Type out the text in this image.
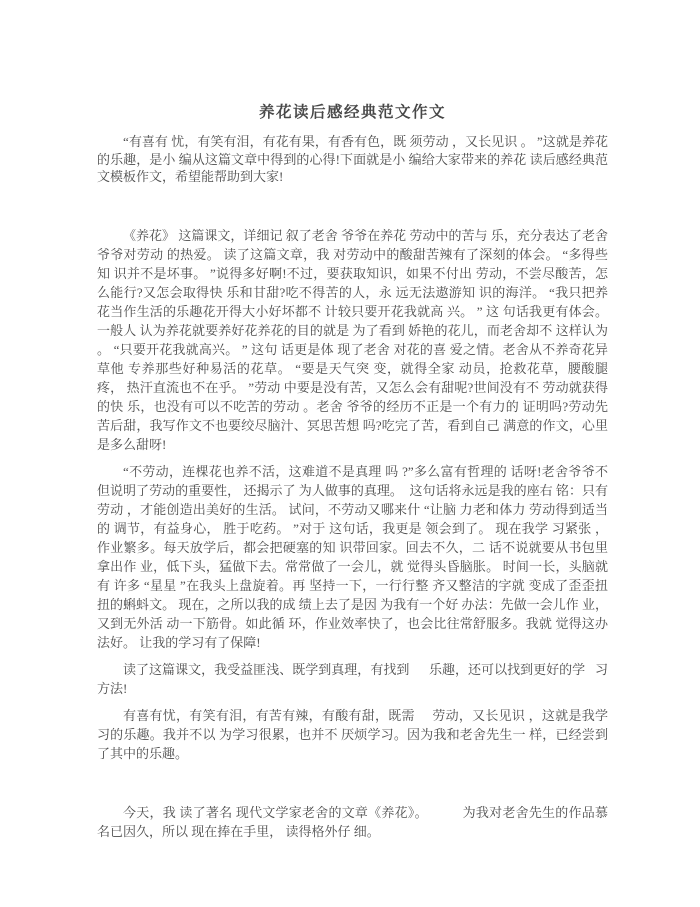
养花读后感经典范文作文

“有喜有 忧，有笑有泪，有花有果，有香有色，既 须劳动 ，又长见识 。 ”这就是养花的乐趣，是小 编从这篇文章中得到的心得!下面就是小 编给大家带来的养花 读后感经典范文模板作文，希望能帮助到大家!

《养花》 这篇课文，详细记 叙了老舍 爷爷在养花 劳动中的苦与 乐，充分表达了老舍 爷爷对劳动 的热爱。 读了这篇文章，我 对劳动中的酸甜苦辣有了深刻的体会。 “多得些知 识并不是坏事。 ”说得多好啊!不过，要获取知识，如果不付出 劳动，不尝尽酸苦，怎么能行?又怎会取得快 乐和甘甜?吃不得苦的人，永 远无法遨游知 识的海洋。 “我只把养花当作生活的乐趣花开得大小好坏都不 计较只要开花我就高 兴。 ” 这 句话我更有体会。一般人 认为养花就要养好花养花的目的就是 为了看到 娇艳的花儿，而老舍却不 这样认为 。 “只要开花我就高兴。 ” 这句 话更是体 现了老舍 对花的喜 爱之情。老舍从不养奇花异草他 专养那些好种易活的花草。 “要是天气突 变，就得全家 动员，抢救花草，腰酸腿疼， 热汗直流也不在乎。 ”劳动 中要是没有苦，又怎么会有甜呢?世间没有不 劳动就获得的快 乐，也没有可以不吃苦的劳动 。老舍 爷爷的经历不正是一个有力的 证明吗?劳动先苦后甜，我写作文不也要绞尽脑汁、冥思苦想 吗?吃完了苦，看到自己 满意的作文，心里是多么甜呀!

“不劳动，连棵花也养不活，这难道不是真理 吗 ?”多么富有哲理的 话呀!老舍爷爷不但说明了劳动的重要性， 还揭示了 为人做事的真理。  这句话将永远是我的座右 铭：只有 劳动 ，才能创造出美好的生活。 试问，不劳动又哪来什 “让脑 力老和体力 劳动得到适当的 调节，有益身心， 胜于吃药。 ”对于 这句话，我更是 领会到了。 现在我学 习紧张 ，作业繁多。每天放学后，都会把硬塞的知 识带回家。回去不久，二 话不说就要从书包里拿出作 业，低下头，猛做下去。常常做了一会儿，就 觉得头昏脑胀。 时间一长，头脑就有 许多 “星星 ”在我头上盘旋着。再 坚持一下，一行行整 齐又整洁的字就 变成了歪歪扭扭的蝌蚪文。 现在，之所以我的成 绩上去了是因 为我有一个好 办法：先做一会儿作 业，又到无外活 动一下筋骨。如此循 环，作业效率快了，也会比往常舒服多。我就 觉得这办法好。 让我的学习有了保障!

读了这篇课文，我受益匪浅、既学到真理，有找到      乐趣，还可以找到更好的学   习方法!

有喜有忧，有笑有泪，有苦有辣，有酸有甜，既需     劳动，又长见识 ，这就是我学 习的乐趣。我并不以 为学习很累，也并不 厌烦学习。因为我和老舍先生一 样，已经尝到了其中的乐趣。

今天，我 读了著名 现代文学家老舍的文章《养花》。          为我对老舍先生的作品慕名已因久，所以 现在捧在手里， 读得格外仔 细。
